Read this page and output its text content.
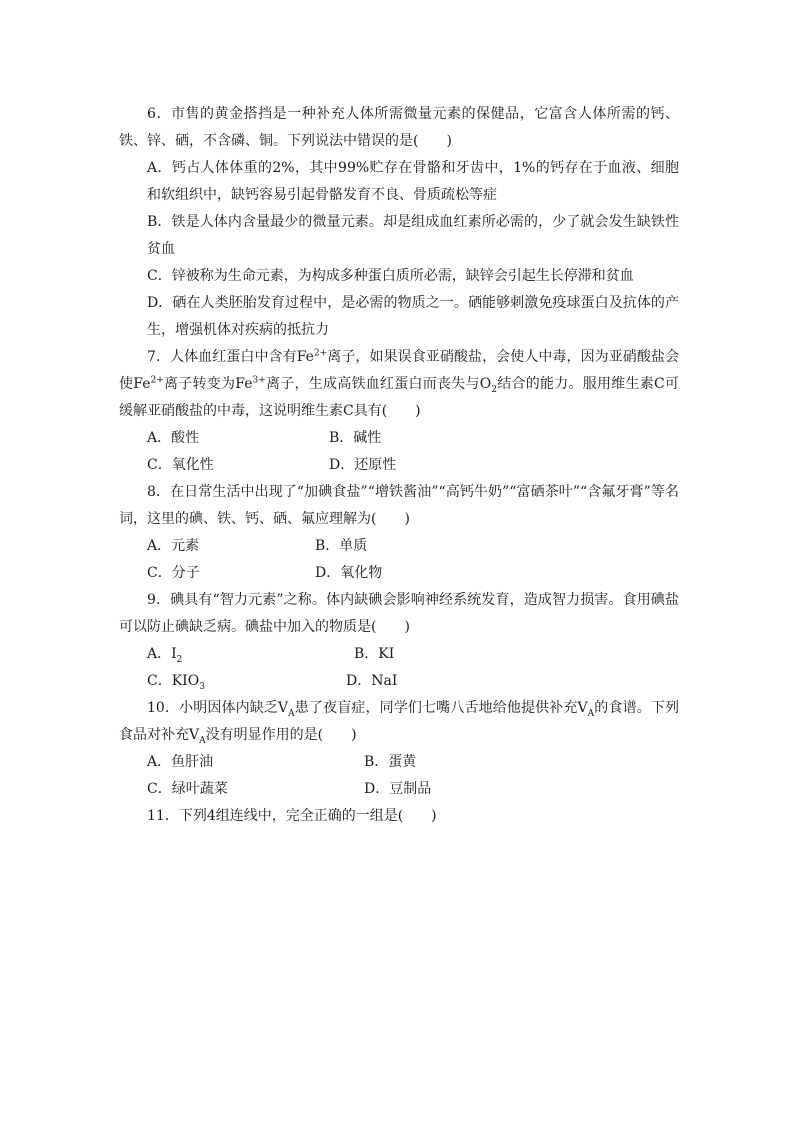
6．市售的黄金搭挡是一种补充人体所需微量元素的保健品，它富含人体所需的钙、铁、锌、硒，不含磷、铜。下列说法中错误的是(　　)

A．钙占人体体重的2%，其中99%贮存在骨骼和牙齿中，1%的钙存在于血液、细胞和软组织中，缺钙容易引起骨骼发育不良、骨质疏松等症

B．铁是人体内含量最少的微量元素。却是组成血红素所必需的，少了就会发生缺铁性贫血

C．锌被称为生命元素，为构成多种蛋白质所必需，缺锌会引起生长停滞和贫血

D．硒在人类胚胎发育过程中，是必需的物质之一。硒能够刺激免疫球蛋白及抗体的产生，增强机体对疾病的抵抗力

7．人体血红蛋白中含有$Fe^{2+}$离子，如果误食亚硝酸盐，会使人中毒，因为亚硝酸盐会使$Fe^{2+}$离子转变为$Fe^{3+}$离子，生成高铁血红蛋白而丧失与$O_2$结合的能力。服用维生素C可缓解亚硝酸盐的中毒，这说明维生素C具有(　　)

A．酸性	B．碱性
C．氧化性	D．还原性

8．在日常生活中出现了“加碘食盐”“增铁酱油”“高钙牛奶”“富硒茶叶”“含氟牙膏”等名词，这里的碘、铁、钙、硒、氟应理解为(　　)

A．元素	B．单质
C．分子	D．氧化物

9．碘具有“智力元素”之称。体内缺碘会影响神经系统发育，造成智力损害。食用碘盐可以防止碘缺乏病。碘盐中加入的物质是(　　)

A．$I_2$	B．KI
C．$KIO_3$	D．NaI

10．小明因体内缺乏$V_A$患了夜盲症，同学们七嘴八舌地给他提供补充$V_A$的食谱。下列食品对补充$V_A$没有明显作用的是(　　)

A．鱼肝油	B．蛋黄
C．绿叶蔬菜	D．豆制品

11．下列4组连线中，完全正确的一组是(　　)
